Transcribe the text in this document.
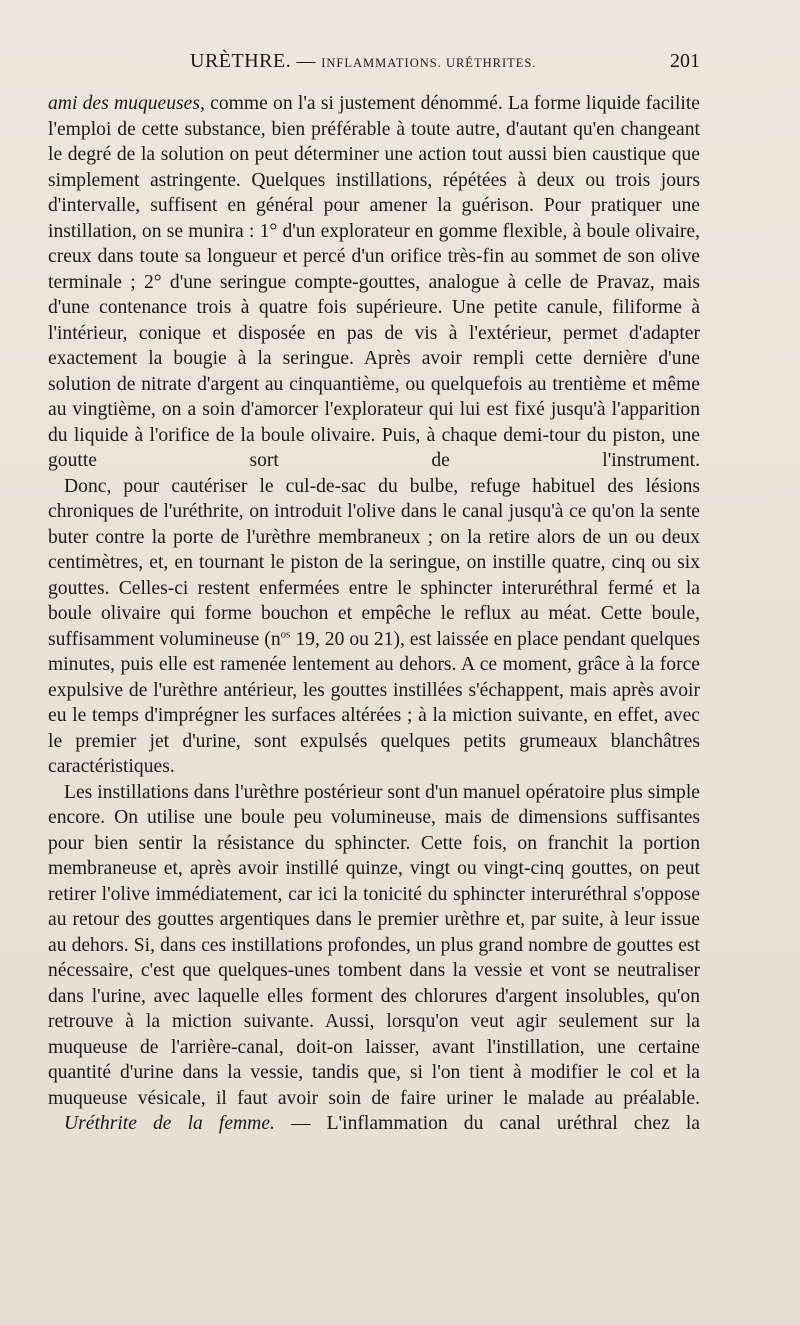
URÈTHRE. — INFLAMMATIONS. URÉTHRITES.	201

ami des muqueuses, comme on l'a si justement dénommé. La forme liquide facilite l'emploi de cette substance, bien préférable à toute autre, d'autant qu'en changeant le degré de la solution on peut déterminer une action tout aussi bien caustique que simplement astringente. Quelques instillations, répétées à deux ou trois jours d'intervalle, suffisent en général pour amener la guérison. Pour pratiquer une instillation, on se munira : 1° d'un explorateur en gomme flexible, à boule olivaire, creux dans toute sa longueur et percé d'un orifice très-fin au sommet de son olive terminale ; 2° d'une seringue compte-gouttes, analogue à celle de Pravaz, mais d'une contenance trois à quatre fois supérieure. Une petite canule, filiforme à l'intérieur, conique et disposée en pas de vis à l'extérieur, permet d'adapter exactement la bougie à la seringue. Après avoir rempli cette dernière d'une solution de nitrate d'argent au cinquantième, ou quelquefois au trentième et même au vingtième, on a soin d'amorcer l'explorateur qui lui est fixé jusqu'à l'apparition du liquide à l'orifice de la boule olivaire. Puis, à chaque demi-tour du piston, une goutte sort de l'instrument.

Donc, pour cautériser le cul-de-sac du bulbe, refuge habituel des lésions chroniques de l'uréthrite, on introduit l'olive dans le canal jusqu'à ce qu'on la sente buter contre la porte de l'urèthre membraneux ; on la retire alors de un ou deux centimètres, et, en tournant le piston de la seringue, on instille quatre, cinq ou six gouttes. Celles-ci restent enfermées entre le sphincter interuréthral fermé et la boule olivaire qui forme bouchon et empêche le reflux au méat. Cette boule, suffisamment volumineuse ($n^{os}$ 19, 20 ou 21), est laissée en place pendant quelques minutes, puis elle est ramenée lentement au dehors. A ce moment, grâce à la force expulsive de l'urèthre antérieur, les gouttes instillées s'échappent, mais après avoir eu le temps d'imprégner les surfaces altérées ; à la miction suivante, en effet, avec le premier jet d'urine, sont expulsés quelques petits grumeaux blanchâtres caractéristiques.

Les instillations dans l'urèthre postérieur sont d'un manuel opératoire plus simple encore. On utilise une boule peu volumineuse, mais de dimensions suffisantes pour bien sentir la résistance du sphincter. Cette fois, on franchit la portion membraneuse et, après avoir instillé quinze, vingt ou vingt-cinq gouttes, on peut retirer l'olive immédiatement, car ici la tonicité du sphincter interuréthral s'oppose au retour des gouttes argentiques dans le premier urèthre et, par suite, à leur issue au dehors. Si, dans ces instillations profondes, un plus grand nombre de gouttes est nécessaire, c'est que quelques-unes tombent dans la vessie et vont se neutraliser dans l'urine, avec laquelle elles forment des chlorures d'argent insolubles, qu'on retrouve à la miction suivante. Aussi, lorsqu'on veut agir seulement sur la muqueuse de l'arrière-canal, doit-on laisser, avant l'instillation, une certaine quantité d'urine dans la vessie, tandis que, si l'on tient à modifier le col et la muqueuse vésicale, il faut avoir soin de faire uriner le malade au préalable.

Uréthrite de la femme. — L'inflammation du canal uréthral chez la
